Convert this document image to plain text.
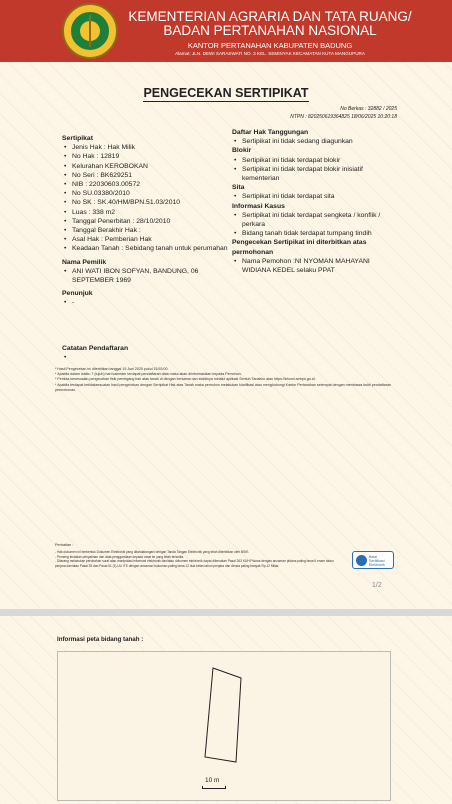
KEMENTERIAN AGRARIA DAN TATA RUANG/
BADAN PERTANAHAN NASIONAL
KANTOR PERTANAHAN KABUPATEN BADUNG
Alamat: JLN. DEWI SARASWATI NO. 3 KEL. SEMINYAK KECAMATAN KUTA MANGUPURA
PENGECEKAN SERTIPIKAT
No Berkas : 32882 / 2025
NTPN : 820250619364825 18/06/2025 10:20:18
Sertipikat
• Jenis Hak : Hak Milik
• No Hak : 12819
• Kelurahan KEROBOKAN
• No Seri : BK629251
• NIB : 22030603.00572
• No SU.03380/2010
• No SK : SK.40/HM/BPN.51.03/2010
• Luas : 338 m2
• Tanggal Penerbitan : 28/10/2010
• Tanggal Berakhir Hak :
• Asal Hak : Pemberian Hak
• Keadaan Tanah : Sebidang tanah untuk perumahan
Nama Pemilik
• ANI WATI IBON SOFYAN, BANDUNG, 06 SEPTEMBER 1969
Penunjuk
• -
Daftar Hak Tanggungan
• Sertipikat ini tidak sedang diagunkan
Blokir
• Sertipikat ini tidak terdapat blokir
• Sertipikat ini tidak terdapat blokir inisiatif kementerian
Sita
• Sertipikat ini tidak terdapat sita
Informasi Kasus
• Sertipikat ini tidak terdapat sengketa / konflik / perkara
• Bidang tanah tidak terdapat tumpang tindih
Pengecekan Sertipikat ini diterbitkan atas permohonan
• Nama Pemohon :NI NYOMAN MAHAYANI WIDIANA KEDEL selaku PPAT
Catatan Pendaftaran
•
* Hasil Pengecekan ini diterbitkan tanggal 19 Juni 2025 pukul 15:53:00.
* Apabila dalam waktu 7 (tujuh) hari kalender terdapat pendaftaran data maka akan diinformasikan kepada Pemohon.
* Periksa kesesuaian pengecekan fisik pemegang hak atas tanah di dengan bersama dan stabilnya melalui aplikasi Sentuh Tanahku atau https://bhumi.atrbpn.go.id.
* Apabila terdapat ketidaksesuaian hasil pengecekan dengan Sertipikat Hak atas Tanah maka pemohon melakukan klarifikasi atau menghubungi Kantor Pertanahan setempat dengan membawa bukti pendaftaran permohonan.
Perhatian :
- Hak dokumen ini berbentuk Dokumen Elektronik yang ditandatangani dengan Tanda Tangan Elektronik yang telah diterbitkan oleh BSrE.
- Pemeng tindakan penyalinan dan data penggandaan kepada umat ke yang telah tersedia.
- Dilarang melakukan perubahan surat atau manipulasi informasi elektronik dan/atau dokumen elektronik dapat dikenakan Pasal 263 KUH Pidana dengan ancaman pidana paling lama 6 enam tahun penjara dan/atau Pasal 35 dan Pasal 51 (1) UU ITE dengan ancaman hukuman paling lama 12 dua belas tahun penjara dan denda paling banyak Rp.12 Miliar.
Balai Sertifikasi Elektronik
1/2
Informasi peta bidang tanah :
10 m
